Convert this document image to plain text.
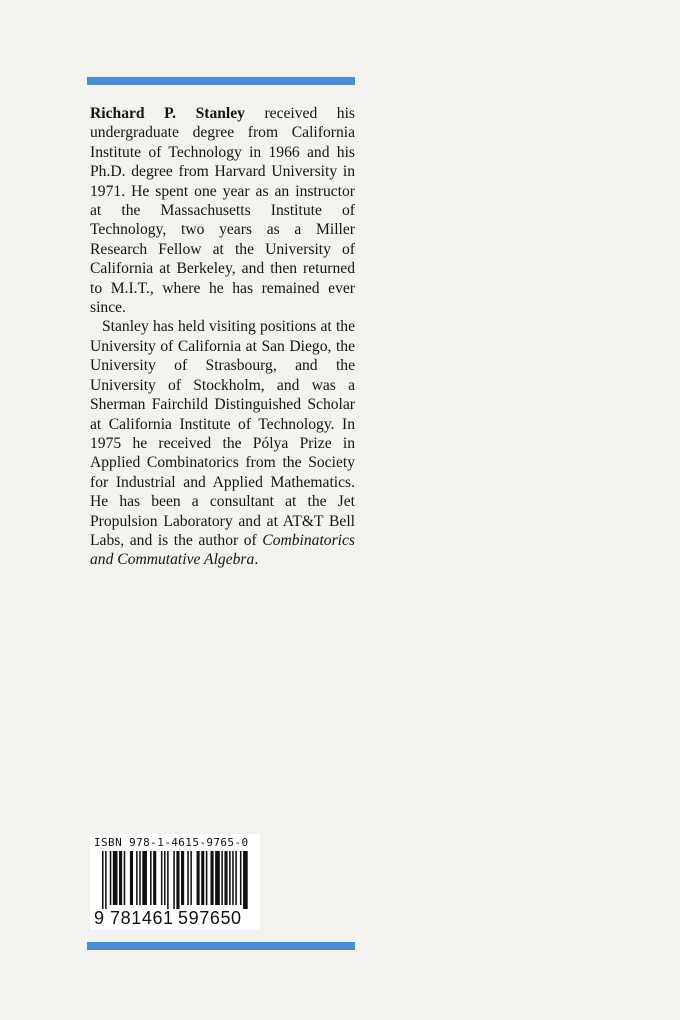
Richard P. Stanley received his undergraduate degree from California Institute of Technology in 1966 and his Ph.D. degree from Harvard University in 1971. He spent one year as an instructor at the Massachusetts Institute of Technology, two years as a Miller Research Fellow at the University of California at Berkeley, and then returned to M.I.T., where he has remained ever since.

Stanley has held visiting positions at the University of California at San Diego, the University of Strasbourg, and the University of Stockholm, and was a Sherman Fairchild Distinguished Scholar at California Institute of Technology. In 1975 he received the Pólya Prize in Applied Combinatorics from the Society for Industrial and Applied Mathematics. He has been a consultant at the Jet Propulsion Laboratory and at AT&T Bell Labs, and is the author of Combinatorics and Commutative Algebra.

ISBN 978-1-4615-9765-0
9 781461 597650
